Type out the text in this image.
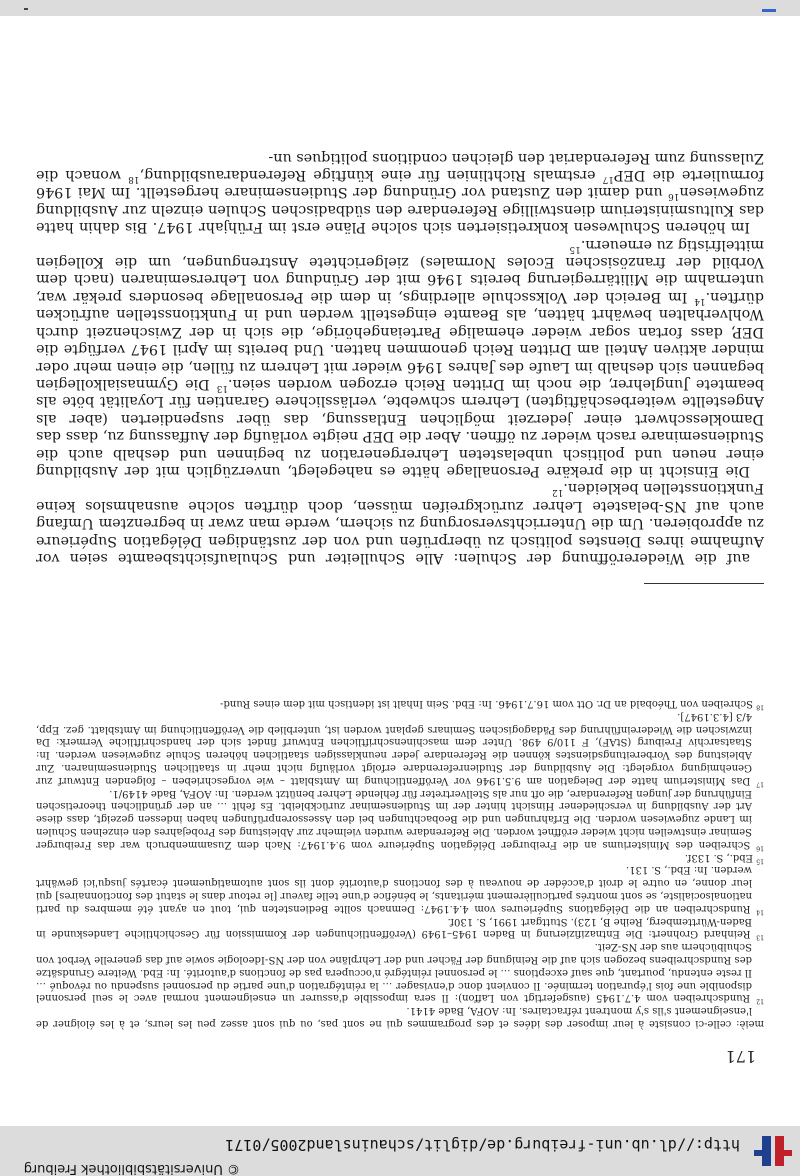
http://dl.ub.uni-freiburg.de/diglit/schauinsland2005/0171
© Universitätsbibliothek Freiburg

auf die Wiedereröffnung der Schulen: Alle Schulleiter und Schulaufsichtsbeamte seien vor Aufnahme ihres Dienstes politisch zu überprüfen und von der zuständigen Délégation Supérieure zu approbieren. Um die Unterrichtsversorgung zu sichern, werde man zwar in begrenztem Umfang auch auf NS-belastete Lehrer zurückgreifen müssen, doch dürften solche ausnahmslos keine Funktionsstellen bekleiden.$^{12}$

Die Einsicht in die prekäre Personallage hätte es nahegelegt, unverzüglich mit der Ausbildung einer neuen und politisch unbelasteten Lehrergeneration zu beginnen und deshalb auch die Studienseminare rasch wieder zu öffnen. Aber die DEP neigte vorläufig der Auffassung zu, dass das Damoklesschwert einer jederzeit möglichen Entlassung, das über suspendierten (aber als Angestellte weiterbeschäftigten) Lehrern schwebte, verlässlichere Garantien für Loyalität böte als beamtete Junglehrer, die noch im Dritten Reich erzogen worden seien.$^{13}$ Die Gymnasialkollegien begannen sich deshalb im Laufe des Jahres 1946 wieder mit Lehrern zu füllen, die einen mehr oder minder aktiven Anteil am Dritten Reich genommen hatten. Und bereits im April 1947 verfügte die DEP, dass fortan sogar wieder ehemalige Parteiangehörige, die sich in der Zwischenzeit durch Wohlverhalten bewährt hätten, als Beamte eingestellt werden und in Funktionsstellen aufrücken dürften.$^{14}$ Im Bereich der Volksschule allerdings, in dem die Personallage besonders prekär war, unternahm die Militärregierung bereits 1946 mit der Gründung von Lehrerseminaren (nach dem Vorbild der französischen Ecoles Normales) zielgerichtete Anstrengungen, um die Kollegien mittelfristig zu erneuern.$^{15}$

Im höheren Schulwesen konkretisierten sich solche Pläne erst im Frühjahr 1947. Bis dahin hatte das Kultusministerium dienstwillige Referendare den südbadischen Schulen einzeln zur Ausbildung zugewiesen$^{16}$ und damit den Zustand vor Gründung der Studienseminare hergestellt. Im Mai 1946 formulierte die DEP$^{17}$ erstmals Richtlinien für eine künftige Referendarausbildung,$^{18}$ wonach die Zulassung zum Referendariat den gleichen conditions politiques un-

meiè: celle-ci consiste à leur imposer des idées et des programmes qui ne sont pas, ou qui sont assez peu les leurs, et à les éloigner de l'enseignement s'ils s'y montrent réfractaires. In: AOFA, Bade 4141.
$^{12}$ Rundschreiben vom 4.7.1945 (ausgefertigt von Laffon): Il sera impossible d'assurer un enseignement normal avec le seul personnel disponible une fois l'épuration terminée. Il convient donc d'envisager … la réintégration d'une partie du personnel suspendu ou révoqué … Il reste entendu, pourtant, que sauf exceptions … le personnel réintégré n'occupera pas de fonctions d'autorité. In: Ebd. Weitere Grundsätze des Rundschreibens bezogen sich auf die Reinigung der Fächer und der Lehrpläne von der NS-Ideologie sowie auf das generelle Verbot von Schulbüchern aus der NS-Zeit.
$^{13}$ Reinhard Grohnert: Die Entnazifizierung in Baden 1945–1949 (Veröffentlichungen der Kommission für Geschichtliche Landeskunde in Baden-Württemberg, Reihe B, 123). Stuttgart 1991, S. 130f.
$^{14}$ Rundschreiben an die Délégations Supérieures vom 4.4.1947: Demnach sollte Bediensteten qui, tout en ayant été membres du parti nationalsocialiste, se sont montrés particulièrement méritants, le bénéfice d'une telle faveur [le retour dans le statut des fonctionnaires] qui leur donne, en outre le droit d'accéder de nouveau à des fonctions d'autorité dont ils sont automatiquement écartés jusqu'ici gewährt werden. In: Ebd., S. 131.
$^{15}$ Ebd., S. 133f.
$^{16}$ Schreiben des Ministeriums an die Freiburger Délégation Supérieure vom 9.4.1947: Nach dem Zusammenbruch war das Freiburger Seminar einstweilen nicht wieder eröffnet worden. Die Referendare wurden vielmehr zur Ableistung des Probejahres den einzelnen Schulen im Lande zugewiesen worden. Die Erfahrungen und die Beobachtungen bei den Assessorenprüfungen haben indessen gezeigt, dass diese Art der Ausbildung in verschiedener Hinsicht hinter der im Studienseminar zurückbleibt. Es fehlt … an der gründlichen theoretischen Einführung der jungen Referendare, die oft nur als Stellvertreter für fehlende Lehrer benützt werden. In: AOFA, Bade 4149/1.
$^{17}$ Das Ministerium hatte der Delegation am 9.5.1946 vor Veröffentlichung im Amtsblatt – wie vorgeschrieben – folgenden Entwurf zur Genehmigung vorgelegt: Die Ausbildung der Studienreferendare erfolgt vorläufig nicht mehr in staatlichen Studienseminaren. Zur Ableistung des Vorbereitungsdienstes können die Referendare jeder neunklassigen staatlichen höheren Schule zugewiesen werden. In: Staatsarchiv Freiburg (StAF), F 110/9 498. Unter dem maschinenschriftlichen Entwurf findet sich der handschriftliche Vermerk: Da inzwischen die Wiedereinführung des Pädagogischen Seminars geplant worden ist, unterblieb die Veröffentlichung im Amtsblatt. gez. Epp, 4/3 [4.3.1947].
$^{18}$ Schreiben von Théobald an Dr. Ott vom 16.7.1946. In: Ebd. Sein Inhalt ist identisch mit dem eines Rund-
171
